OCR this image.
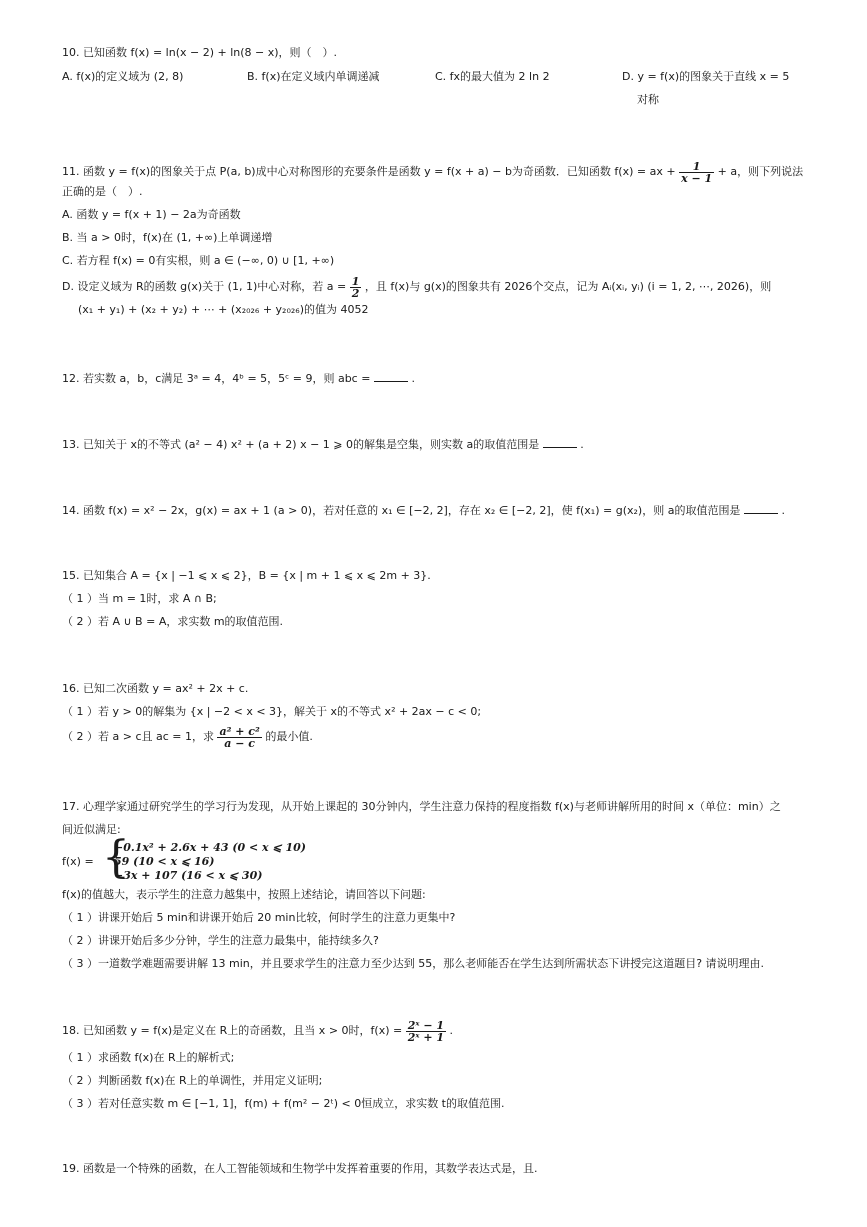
10. 已知函数 f(x) = ln(x − 2) + ln(8 − x)，则（　）.
A. f(x)的定义域为 (2, 8)	B. f(x)在定义域内单调递减	C. fx的最大值为 2 ln 2	D. y = f(x)的图象关于直线 x = 5
对称
11. 函数 y = f(x)的图象关于点 P(a, b)成中心对称图形的充要条件是函数 y = f(x + a) − b为奇函数．已知函数 f(x) = ax + $\frac{1}{x - 1} + a$，则下列说法
正确的是（　）.
A. 函数 y = f(x + 1) − 2a为奇函数
B. 当 a > 0时，f(x)在 (1, +∞)上单调递增
C. 若方程 f(x) = 0有实根，则 a ∈ (−∞, 0) ∪ [1, +∞)
D. 设定义域为 R的函数 g(x)关于 (1, 1)中心对称，若 $a = \frac{1}{2}$ ，且 f(x)与 g(x)的图象共有 2026个交点，记为 Aᵢ(xᵢ, yᵢ) (i = 1, 2, ⋯, 2026)，则
(x₁ + y₁) + (x₂ + y₂) + ⋯ + (x₂₀₂₆ + y₂₀₂₆)的值为 4052
12. 若实数 a，b，c满足 3ᵃ = 4，4ᵇ = 5，5ᶜ = 9，则 abc =	.
13. 已知关于 x的不等式 (a² − 4) x² + (a + 2) x − 1 ⩾ 0的解集是空集，则实数 a的取值范围是	.
14. 函数 f(x) = x² − 2x，g(x) = ax + 1 (a > 0)，若对任意的 x₁ ∈ [−2, 2]，存在 x₂ ∈ [−2, 2]，使 f(x₁) = g(x₂)，则 a的取值范围是	.
15. 已知集合 A = {x | −1 ⩽ x ⩽ 2}，B = {x | m + 1 ⩽ x ⩽ 2m + 3}.
（ 1 ）当 m = 1时，求 A ∩ B;
（ 2 ）若 A ∪ B = A，求实数 m的取值范围.
16. 已知二次函数 y = ax² + 2x + c.
（ 1 ）若 y > 0的解集为 {x | −2 < x < 3}，解关于 x的不等式 x² + 2ax − c < 0;
（ 2 ）若 a > c且 ac = 1，求 $\frac{\text{a² + c²}}{a - c}$ 的最小值.
17. 心理学家通过研究学生的学习行为发现，从开始上课起的 30分钟内，学生注意力保持的程度指数 f(x)与老师讲解所用的时间 x（单位：min）之
间近似满足:
f(x) = {
−0.1x² + 2.6x + 43 (0 < x ⩽ 10)
59 (10 < x ⩽ 16)
−3x + 107 (16 < x ⩽ 30)
f(x)的值越大，表示学生的注意力越集中，按照上述结论，请回答以下问题:
（ 1 ）讲课开始后 5 min和讲课开始后 20 min比较，何时学生的注意力更集中?
（ 2 ）讲课开始后多少分钟，学生的注意力最集中，能持续多久?
（ 3 ）一道数学难题需要讲解 13 min，并且要求学生的注意力至少达到 55，那么老师能否在学生达到所需状态下讲授完这道题目? 请说明理由.
18. 已知函数 y = f(x)是定义在 R上的奇函数，且当 x > 0时，$f(x) = \frac{\text{2ˣ − 1}}{\text{2ˣ + 1}}$ .
（ 1 ）求函数 f(x)在 R上的解析式;
（ 2 ）判断函数 f(x)在 R上的单调性，并用定义证明;
（ 3 ）若对任意实数 m ∈ [−1, 1]，f(m) + f(m² − 2ᵗ) < 0恒成立，求实数 t的取值范围.
19. 函数是一个特殊的函数，在人工智能领域和生物学中发挥着重要的作用，其数学表达式是，且.
